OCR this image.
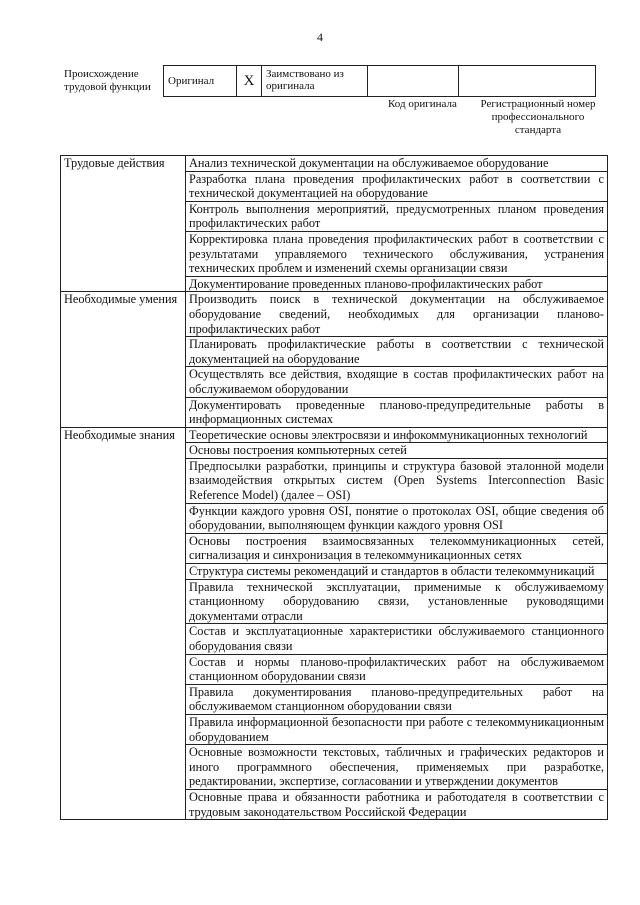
4
Происхождение трудовой функции	Оригинал	X	Заимствовано из оригинала		
Код оригинала	Регистрационный номер профессионального стандарта
Трудовые действия	Анализ технической документации на обслуживаемое оборудование
	Разработка плана проведения профилактических работ в соответствии с технической документацией на оборудование
	Контроль выполнения мероприятий, предусмотренных планом проведения профилактических работ
	Корректировка плана проведения профилактических работ в соответствии с результатами управляемого технического обслуживания, устранения технических проблем и изменений схемы организации связи
	Документирование проведенных планово-профилактических работ
Необходимые умения	Производить поиск в технической документации на обслуживаемое оборудование сведений, необходимых для организации планово-профилактических работ
	Планировать профилактические работы в соответствии с технической документацией на оборудование
	Осуществлять все действия, входящие в состав профилактических работ на обслуживаемом оборудовании
	Документировать проведенные планово-предупредительные работы в информационных системах
Необходимые знания	Теоретические основы электросвязи и инфокоммуникационных технологий
	Основы построения компьютерных сетей
	Предпосылки разработки, принципы и структура базовой эталонной модели взаимодействия открытых систем (Open Systems Interconnection Basic Reference Model) (далее – OSI)
	Функции каждого уровня OSI, понятие о протоколах OSI, общие сведения об оборудовании, выполняющем функции каждого уровня OSI
	Основы построения взаимосвязанных телекоммуникационных сетей, сигнализация и синхронизация в телекоммуникационных сетях
	Структура системы рекомендаций и стандартов в области телекоммуникаций
	Правила технической эксплуатации, применимые к обслуживаемому станционному оборудованию связи, установленные руководящими документами отрасли
	Состав и эксплуатационные характеристики обслуживаемого станционного оборудования связи
	Состав и нормы планово-профилактических работ на обслуживаемом станционном оборудовании связи
	Правила документирования планово-предупредительных работ на обслуживаемом станционном оборудовании связи
	Правила информационной безопасности при работе с телекоммуникационным оборудованием
	Основные возможности текстовых, табличных и графических редакторов и иного программного обеспечения, применяемых при разработке, редактировании, экспертизе, согласовании и утверждении документов
	Основные права и обязанности работника и работодателя в соответствии с трудовым законодательством Российской Федерации
